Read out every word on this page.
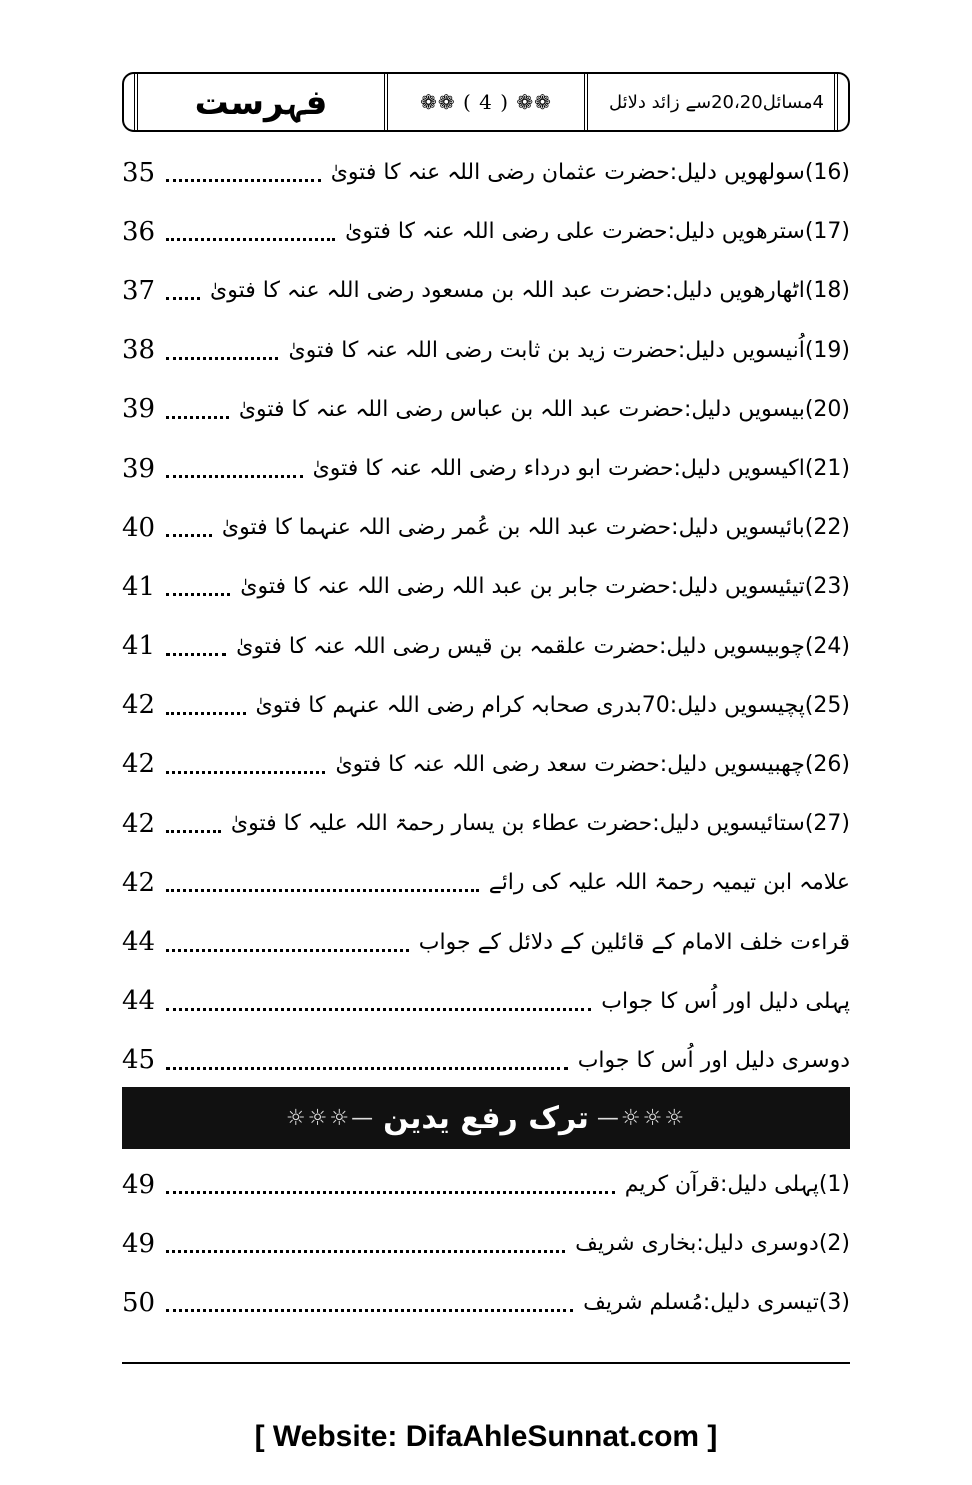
فہرست	❁❁ ( 4 ) ❁❁	4مسائل20،20سے زائد دلائل
(16)سولھویں دلیل:حضرت عثمان رضی اللہ عنہ کا فتویٰ
35
(17)سترھویں دلیل:حضرت علی رضی اللہ عنہ کا فتویٰ
36
(18)اٹھارھویں دلیل:حضرت عبد اللہ بن مسعود رضی اللہ عنہ کا فتویٰ
37
(19)اُنیسویں دلیل:حضرت زید بن ثابت رضی اللہ عنہ کا فتویٰ
38
(20)بیسویں دلیل:حضرت عبد اللہ بن عباس رضی اللہ عنہ کا فتویٰ
39
(21)اکیسویں دلیل:حضرت ابو درداء رضی اللہ عنہ کا فتویٰ
39
(22)بائیسویں دلیل:حضرت عبد اللہ بن عُمر رضی اللہ عنہما کا فتویٰ
40
(23)تیئیسویں دلیل:حضرت جابر بن عبد اللہ رضی اللہ عنہ کا فتویٰ
41
(24)چوبیسویں دلیل:حضرت علقمہ بن قیس رضی اللہ عنہ کا فتویٰ
41
(25)پچیسویں دلیل:70بدری صحابہ کرام رضی اللہ عنہم کا فتویٰ
42
(26)چھبیسویں دلیل:حضرت سعد رضی اللہ عنہ کا فتویٰ
42
(27)ستائیسویں دلیل:حضرت عطاء بن یسار رحمۃ اللہ علیہ کا فتویٰ
42
علامہ ابن تیمیہ رحمۃ اللہ علیہ کی رائے
42
قراءت خلف الامام کے قائلین کے دلائل کے جواب
44
پہلی دلیل اور اُس کا جواب
44
دوسری دلیل اور اُس کا جواب
45
☼☼☼— ترک رفع یدین —☼☼☼
(1)پہلی دلیل:قرآن کریم
49
(2)دوسری دلیل:بخاری شریف
49
(3)تیسری دلیل:مُسلم شریف
50
[ Website: DifaAhleSunnat.com ]
